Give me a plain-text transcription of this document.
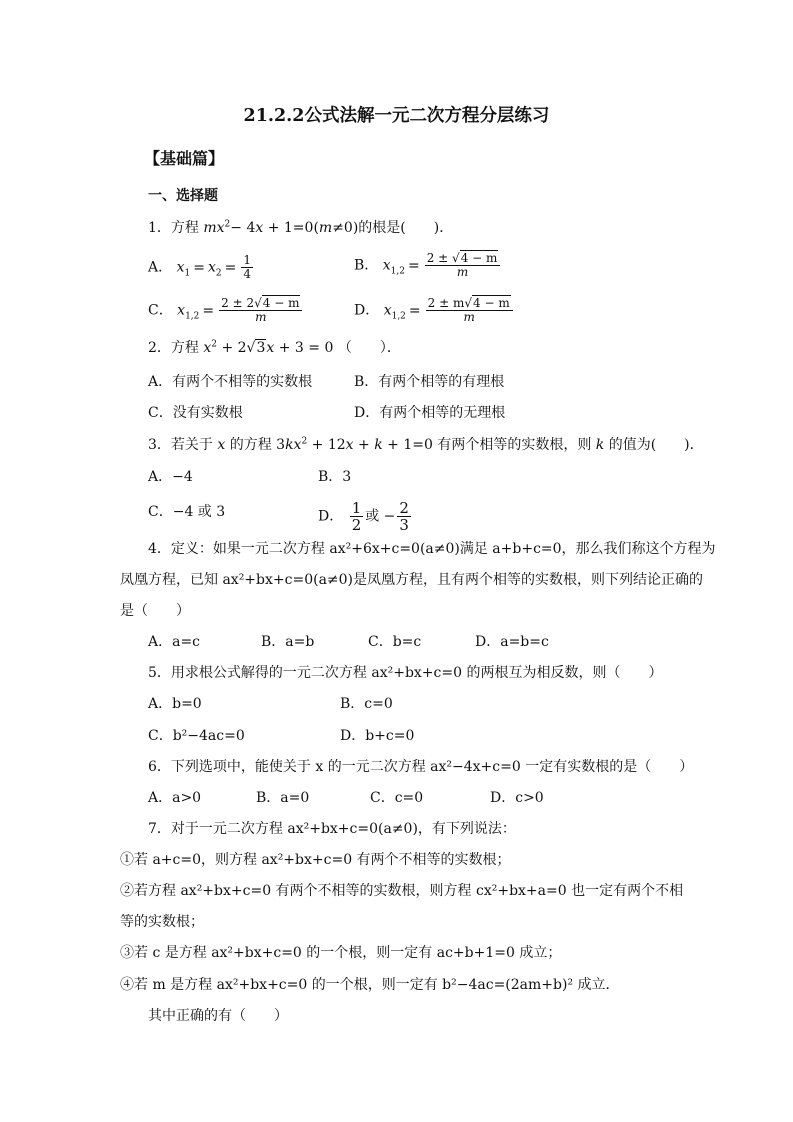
21.2.2公式法解一元二次方程分层练习
【基础篇】
一、选择题
1．方程 $mx^2- 4x + 1=0(m\ne 0)$的根是(　　)．
A． $x_1 = x_2 = \frac{1}{4}$	B． $x_{1,2} = \frac{2 \pm √4 - m}{m}$
C． $x_{1,2} = \frac{2 \pm 2√4 - m}{m}$	D． $x_{1,2} = \frac{2 \pm m√4 - m}{m}$
2．方程 $x^2 + 2√3x + 3 = 0$ （　　）．
A．有两个不相等的实数根	B．有两个相等的有理根
C．没有实数根	D．有两个相等的无理根
3．若关于 x 的方程 $3kx^2 + 12x + k + 1=0$ 有两个相等的实数根，则 k 的值为(　　)．
A．−4	B．3
C．−4 或 3	D． $\frac{1}{2}$ 或 − $\frac{2}{3}$
4．定义：如果一元二次方程 ax²+6x+c=0(a≠0)满足 a+b+c=0，那么我们称这个方程为
凤凰方程，已知 ax²+bx+c=0(a≠0)是凤凰方程，且有两个相等的实数根，则下列结论正确的
是（　　）
A．a=c	B．a=b	C．b=c	D．a=b=c
5．用求根公式解得的一元二次方程 ax²+bx+c=0 的两根互为相反数，则（　　）
A．b=0	B．c=0
C．b²−4ac=0	D．b+c=0
6．下列选项中，能使关于 x 的一元二次方程 ax²−4x+c=0 一定有实数根的是（　　）
A．a>0	B．a=0	C．c=0	D．c>0
7．对于一元二次方程 ax²+bx+c=0(a≠0)，有下列说法：
①若 a+c=0，则方程 ax²+bx+c=0 有两个不相等的实数根；
②若方程 ax²+bx+c=0 有两个不相等的实数根，则方程 cx²+bx+a=0 也一定有两个不相
等的实数根；
③若 c 是方程 ax²+bx+c=0 的一个根，则一定有 ac+b+1=0 成立；
④若 m 是方程 ax²+bx+c=0 的一个根，则一定有 b²−4ac=(2am+b)² 成立．
其中正确的有（　　）
